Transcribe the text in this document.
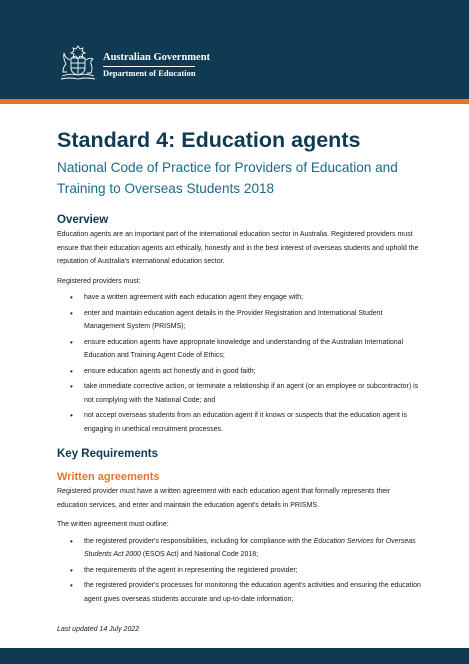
Australian Government
Department of Education
Standard 4: Education agents
National Code of Practice for Providers of Education and Training to Overseas Students 2018
Overview

Education agents are an important part of the international education sector in Australia. Registered providers must ensure that their education agents act ethically, honestly and in the best interest of overseas students and uphold the reputation of Australia's international education sector.

Registered providers must:

• have a written agreement with each education agent they engage with;
• enter and maintain education agent details in the Provider Registration and International Student Management System (PRISMS);
• ensure education agents have appropriate knowledge and understanding of the Australian International Education and Training Agent Code of Ethics;
• ensure education agents act honestly and in good faith;
• take immediate corrective action, or terminate a relationship if an agent (or an employee or subcontractor) is not complying with the National Code; and
• not accept overseas students from an education agent if it knows or suspects that the education agent is engaging in unethical recruitment processes.
Key Requirements
Written agreements

Registered provider must have a written agreement with each education agent that formally represents their education services, and enter and maintain the education agent's details in PRISMS.

The written agreement must outline:

• the registered provider's responsibilities, including for compliance with the Education Services for Overseas Students Act 2000 (ESOS Act) and National Code 2018;
• the requirements of the agent in representing the registered provider;
• the registered provider's processes for monitoring the education agent's activities and ensuring the education agent gives overseas students accurate and up-to-date information;
Last updated 14 July 2022
